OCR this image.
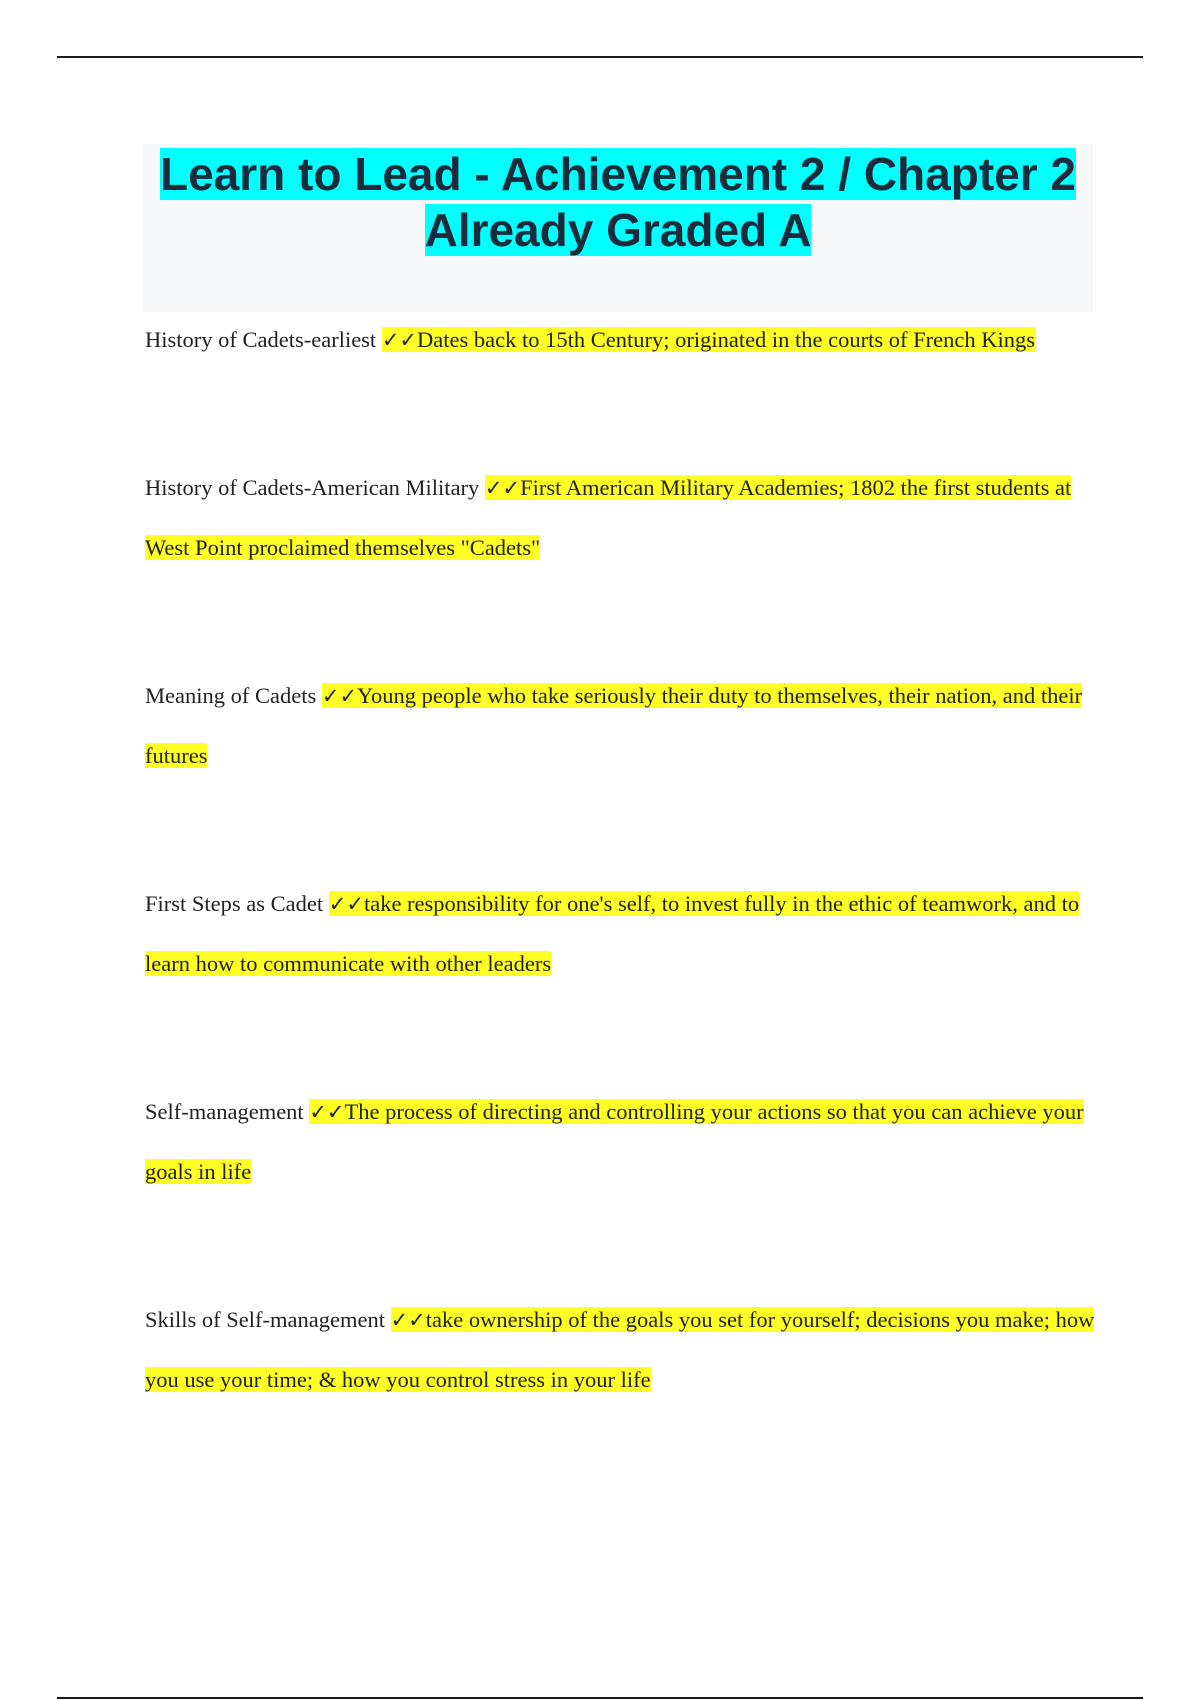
Learn to Lead - Achievement 2 / Chapter 2 Already Graded A

History of Cadets-earliest ✓✓Dates back to 15th Century; originated in the courts of French Kings

History of Cadets-American Military ✓✓First American Military Academies; 1802 the first students at West Point proclaimed themselves "Cadets"

Meaning of Cadets ✓✓Young people who take seriously their duty to themselves, their nation, and their futures

First Steps as Cadet ✓✓take responsibility for one's self, to invest fully in the ethic of teamwork, and to learn how to communicate with other leaders

Self-management ✓✓The process of directing and controlling your actions so that you can achieve your goals in life

Skills of Self-management ✓✓take ownership of the goals you set for yourself; decisions you make; how you use your time; & how you control stress in your life
